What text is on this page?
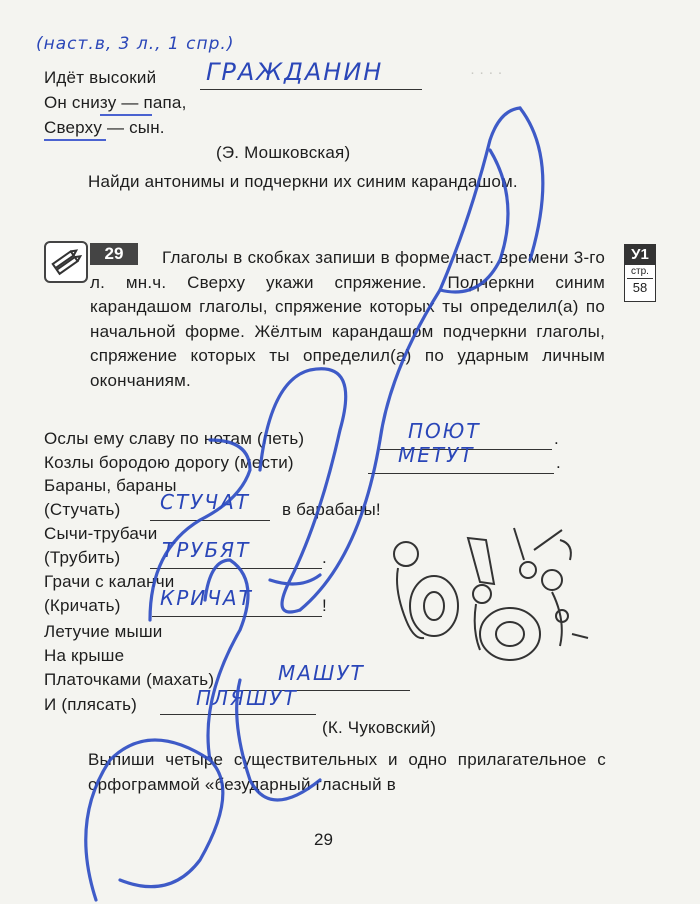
· · · ·
(наст.в, 3 л., 1 спр.)
Идёт высокий ГРАЖДАНИН
Он снизу — папа,
Сверху — сын.
(Э. Мошковская)
Найди антонимы и подчеркни их синим карандашом.
29	У1
стр.
58
Глаголы в скобках запиши в форме наст. времени 3-го л. мн.ч. Сверху укажи спряжение. Подчеркни синим карандашом глаголы, спряжение которых ты определил(а) по начальной форме. Жёлтым карандашом подчеркни глаголы, спряжение которых ты определил(а) по ударным личным окончаниям.
Ослы ему славу по нотам (петь)	.
ПОЮТ
Козлы бородою дорогу (мести)	.
МЕТУТ
Бараны, бараны
(Стучать) СТУЧАТ в барабаны!
Сычи-трубачи
(Трубить)	.
ТРУБЯТ
Грачи с каланчи
(Кричать)	!
КРИЧАТ
Летучие мыши
На крыше
Платочками (махать)	МАШУТ
И (плясать)	ПЛЯШУТ
(К. Чуковский)
Выпиши четыре существительных и одно прилагательное с орфограммой «безударный гласный в
29
